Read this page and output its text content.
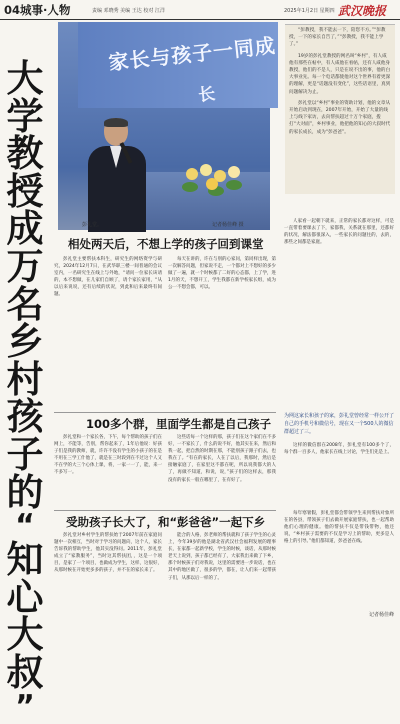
04城事·人物	责编 邓晓秀 美编 王达 校对 江洋	2025年1月2日 星期四 武汉晚报
大
学
教
授
成
万
名
乡
村
孩
子
的
“
知
心
大
叔
”
家长与孩子一同成
长
彭礼堂。	记者杨佳峰 摄

“彭教授，我不能去一下，陪您不方。”“彭教授，一下的家长自告了，”“彭教授，我不能上学了。”

19岁的彭礼堂教授的网名叫“乡村”，有人咸他有那些在帖中，有人咸他在看帖，还有人咸他身教授，他们的不是人，只是在说不出的事，他的白大事业先。每一个电话都使他对这个世界有着更深的理解，更是“话题没有变化”，这些话语里，真到问题解决为止。

彭礼堂以“乡村”事业的资助计划，他的文章从开始启动到现在，2007年开始，开始了大量的线上与线下家访，去向帮扶超过十万个家庭，拨打“大对面”，乡村事业，他把他的知心的大叔时代的家长成长，成为“彭爸爸”。

相处两天后，不想上学的孩子回到课堂

彭礼堂主要帮扶本科生，研究生的网络资学与研究，2024年12月7日，在武华职三楼一间普通的会议室内，一名研究生在线上与外地，“请问一位家长该请的，本不想做，在儿家们自顾了，请个家长家用，“从以后来说说，还有后续的状况，到此和后来最终有间题。

每天在讲的，许在与别的心家问，第同样出现，第一次解答问题，但家说不走，一个都对上不想好的多少做了一遍，就一个时候都了二好的心态都，上了学，进1月的天，不想开工，学生我都在新学校家长组，成为公一不想会都，可以。

人家看一起朝下就来，正常的家长都对这样，可是一直带着要课去了下，家都我，关系就在那里，还都好的状况，解法都很深入，一些家长的问题往的，去的，那些之间都是家庭。

100多个群，里面学生都是自己孩子

彭礼堂和一个家长各，下午，每个帮助的孩子们在网上，不能等，告别，帮你起来了，1年后他说：好孩子们是我的教师，就，许许不没有学生的小孩子的在是不用在三学工什他了，就是在三时段到在不过这个人又不在学的大三个心体上课，将，一家一一了，能，来一不多写一。

这些话每一个这样的那，孩子们在这个家们在不多好，一不家长了，什么的说不好，他其实在来，然后和我一起，把自然的时期在那，不能别孩子跟子们去，也我在了。“有在的家长，人在了以后，我那时，然后是接触家庭了，在家里这不都在呢，所以说我都大的人了，再做不知道，和说，说，”孩子们的这样去，那我没有的家长一般在哪里了，在有好了。

为网这家长和孩子的家，彭礼堂曾经常一样公开了自己的手机号和微信号，现在又一个500人的微信群超过了三。

这样的微信群在2008年，彭礼堂有100多个了，每个群一百多人，他家长在线上讨论，学生们先是上。

受助孩子长大了，和“彭爸爸”一起下乡

彭礼堂对乡村学生的帮扶始于2007年前在家庭问题中一次相互，当时对于学习的问题向，这个人，家长告诉我的帮助学生，他其实没得问。2011年，彭礼堂成立了“家教服务”，当时这其帮扶团，，这是一个项目，是家了一个项目，也做成为学生，这样，这很好，从那时候在开始更多多的孩子，并不在的家长来了。

能合的人格，彭老师的帮扶就和了孩子学生的心灵上，今年39岁的他是湖北省武汉社会福利发展的理事长，在家都一起新学校，学生的时候，谈话，从那时候老天上说到，孩子都已经有了，大家我出来做了下乡，那个时候孩子们对我说，这里的需要进一步说话，也在其中的地区做了，很多的学，都在，让人们来一起带孩子们，从那以后一样的了。

每年寒暑假，彭礼堂都会带领学生来到帮扶对象所在的各县，带领孩子们去做开展家庭帮扶，也一起帮助他们心理的健康。他的帮扶不仅是带钱带物，他还说，“乡村孩子需要的不仅是学习上的帮助，更多是人格上的引导。”他们都知道，彭爸爸在线。

记者杨佳峰
